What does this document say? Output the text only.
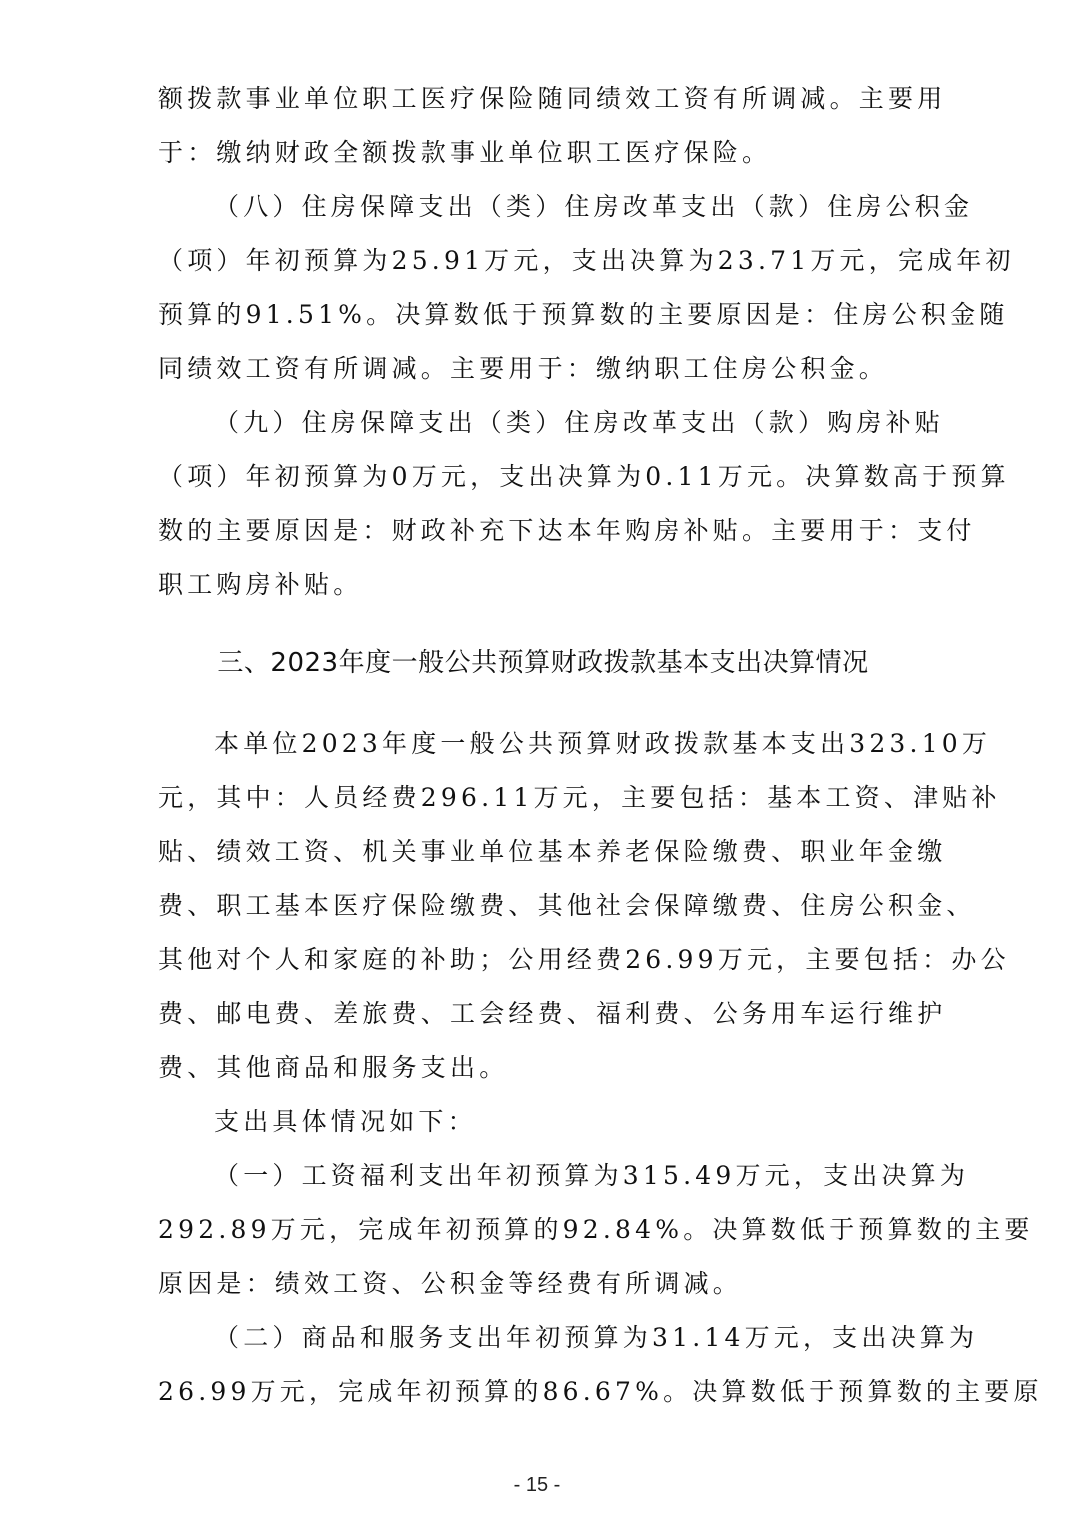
额拨款事业单位职工医疗保险随同绩效工资有所调减。主要用
于：缴纳财政全额拨款事业单位职工医疗保险。
（八）住房保障支出（类）住房改革支出（款）住房公积金
（项）年初预算为25.91万元，支出决算为23.71万元，完成年初
预算的91.51%。决算数低于预算数的主要原因是：住房公积金随
同绩效工资有所调减。主要用于：缴纳职工住房公积金。
（九）住房保障支出（类）住房改革支出（款）购房补贴
（项）年初预算为0万元，支出决算为0.11万元。决算数高于预算
数的主要原因是：财政补充下达本年购房补贴。主要用于：支付
职工购房补贴。
三、2023年度一般公共预算财政拨款基本支出决算情况
本单位2023年度一般公共预算财政拨款基本支出323.10万
元，其中：人员经费296.11万元，主要包括：基本工资、津贴补
贴、绩效工资、机关事业单位基本养老保险缴费、职业年金缴
费、职工基本医疗保险缴费、其他社会保障缴费、住房公积金、
其他对个人和家庭的补助；公用经费26.99万元，主要包括：办公
费、邮电费、差旅费、工会经费、福利费、公务用车运行维护
费、其他商品和服务支出。
支出具体情况如下：
（一）工资福利支出年初预算为315.49万元，支出决算为
292.89万元，完成年初预算的92.84%。决算数低于预算数的主要
原因是：绩效工资、公积金等经费有所调减。
（二）商品和服务支出年初预算为31.14万元，支出决算为
26.99万元，完成年初预算的86.67%。决算数低于预算数的主要原
- 15 -
